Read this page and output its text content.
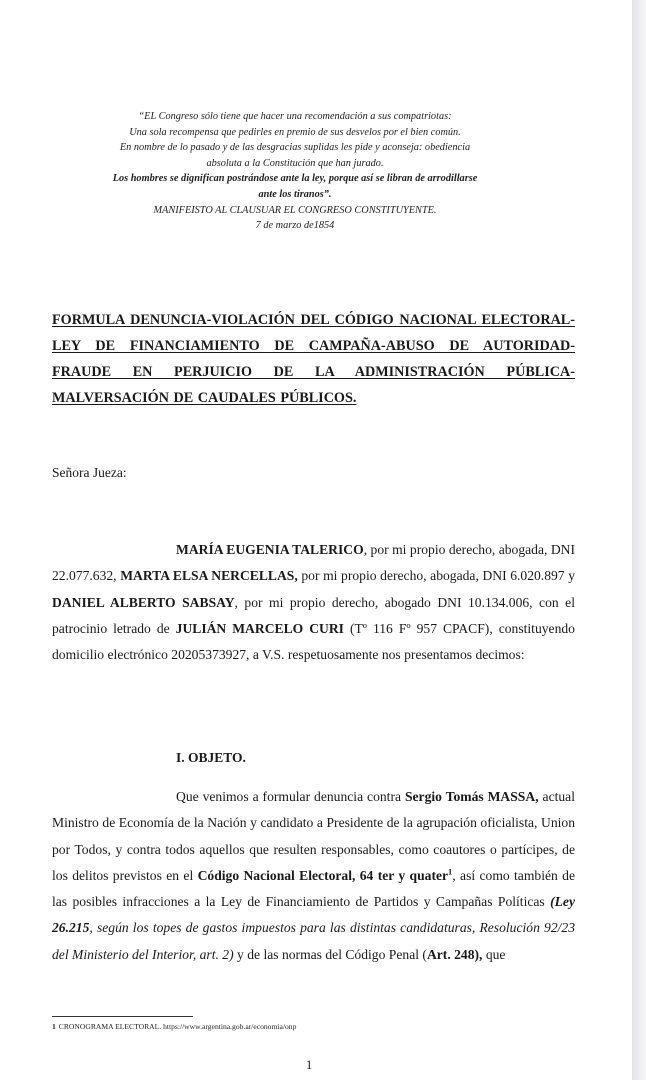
“EL Congreso sólo tiene que hacer una recomendación a sus compatriotas:
Una sola recompensa que pedirles en premio de sus desvelos por el bien común.
En nombre de lo pasado y de las desgracias suplidas les pide y aconseja: obediencia
absoluta a la Constitución que han jurado.
Los hombres se dignifican postrándose ante la ley, porque así se libran de arrodillarse
ante los tiranos”.
MANIFEISTO AL CLAUSUAR EL CONGRESO CONSTITUYENTE.
7 de marzo de1854
FORMULA DENUNCIA-VIOLACIÓN DEL CÓDIGO NACIONAL ELECTORAL- LEY DE FINANCIAMIENTO DE CAMPAÑA-ABUSO DE AUTORIDAD- FRAUDE EN PERJUICIO DE LA ADMINISTRACIÓN PÚBLICA- MALVERSACIÓN DE CAUDALES PÚBLICOS.
Señora Jueza:
MARÍA EUGENIA TALERICO, por mi propio derecho, abogada, DNI 22.077.632, MARTA ELSA NERCELLAS, por mi propio derecho, abogada, DNI 6.020.897 y DANIEL ALBERTO SABSAY, por mi propio derecho, abogado DNI 10.134.006, con el patrocinio letrado de JULIÁN MARCELO CURI (Tº 116 Fº 957 CPACF), constituyendo domicilio electrónico 20205373927, a V.S. respetuosamente nos presentamos decimos:
I. OBJETO.
Que venimos a formular denuncia contra Sergio Tomás MASSA, actual Ministro de Economía de la Nación y candidato a Presidente de la agrupación oficialista, Union por Todos, y contra todos aquellos que resulten responsables, como coautores o partícipes, de los delitos previstos en el Código Nacional Electoral, 64 ter y quater$^1$, así como también de las posibles infracciones a la Ley de Financiamiento de Partidos y Campañas Políticas (Ley 26.215, según los topes de gastos impuestos para las distintas candidaturas, Resolución 92/23 del Ministerio del Interior, art. 2) y de las normas del Código Penal (Art. 248), que
1 CRONOGRAMA ELECTORAL. https://www.argentina.gob.ar/economia/onp
1
